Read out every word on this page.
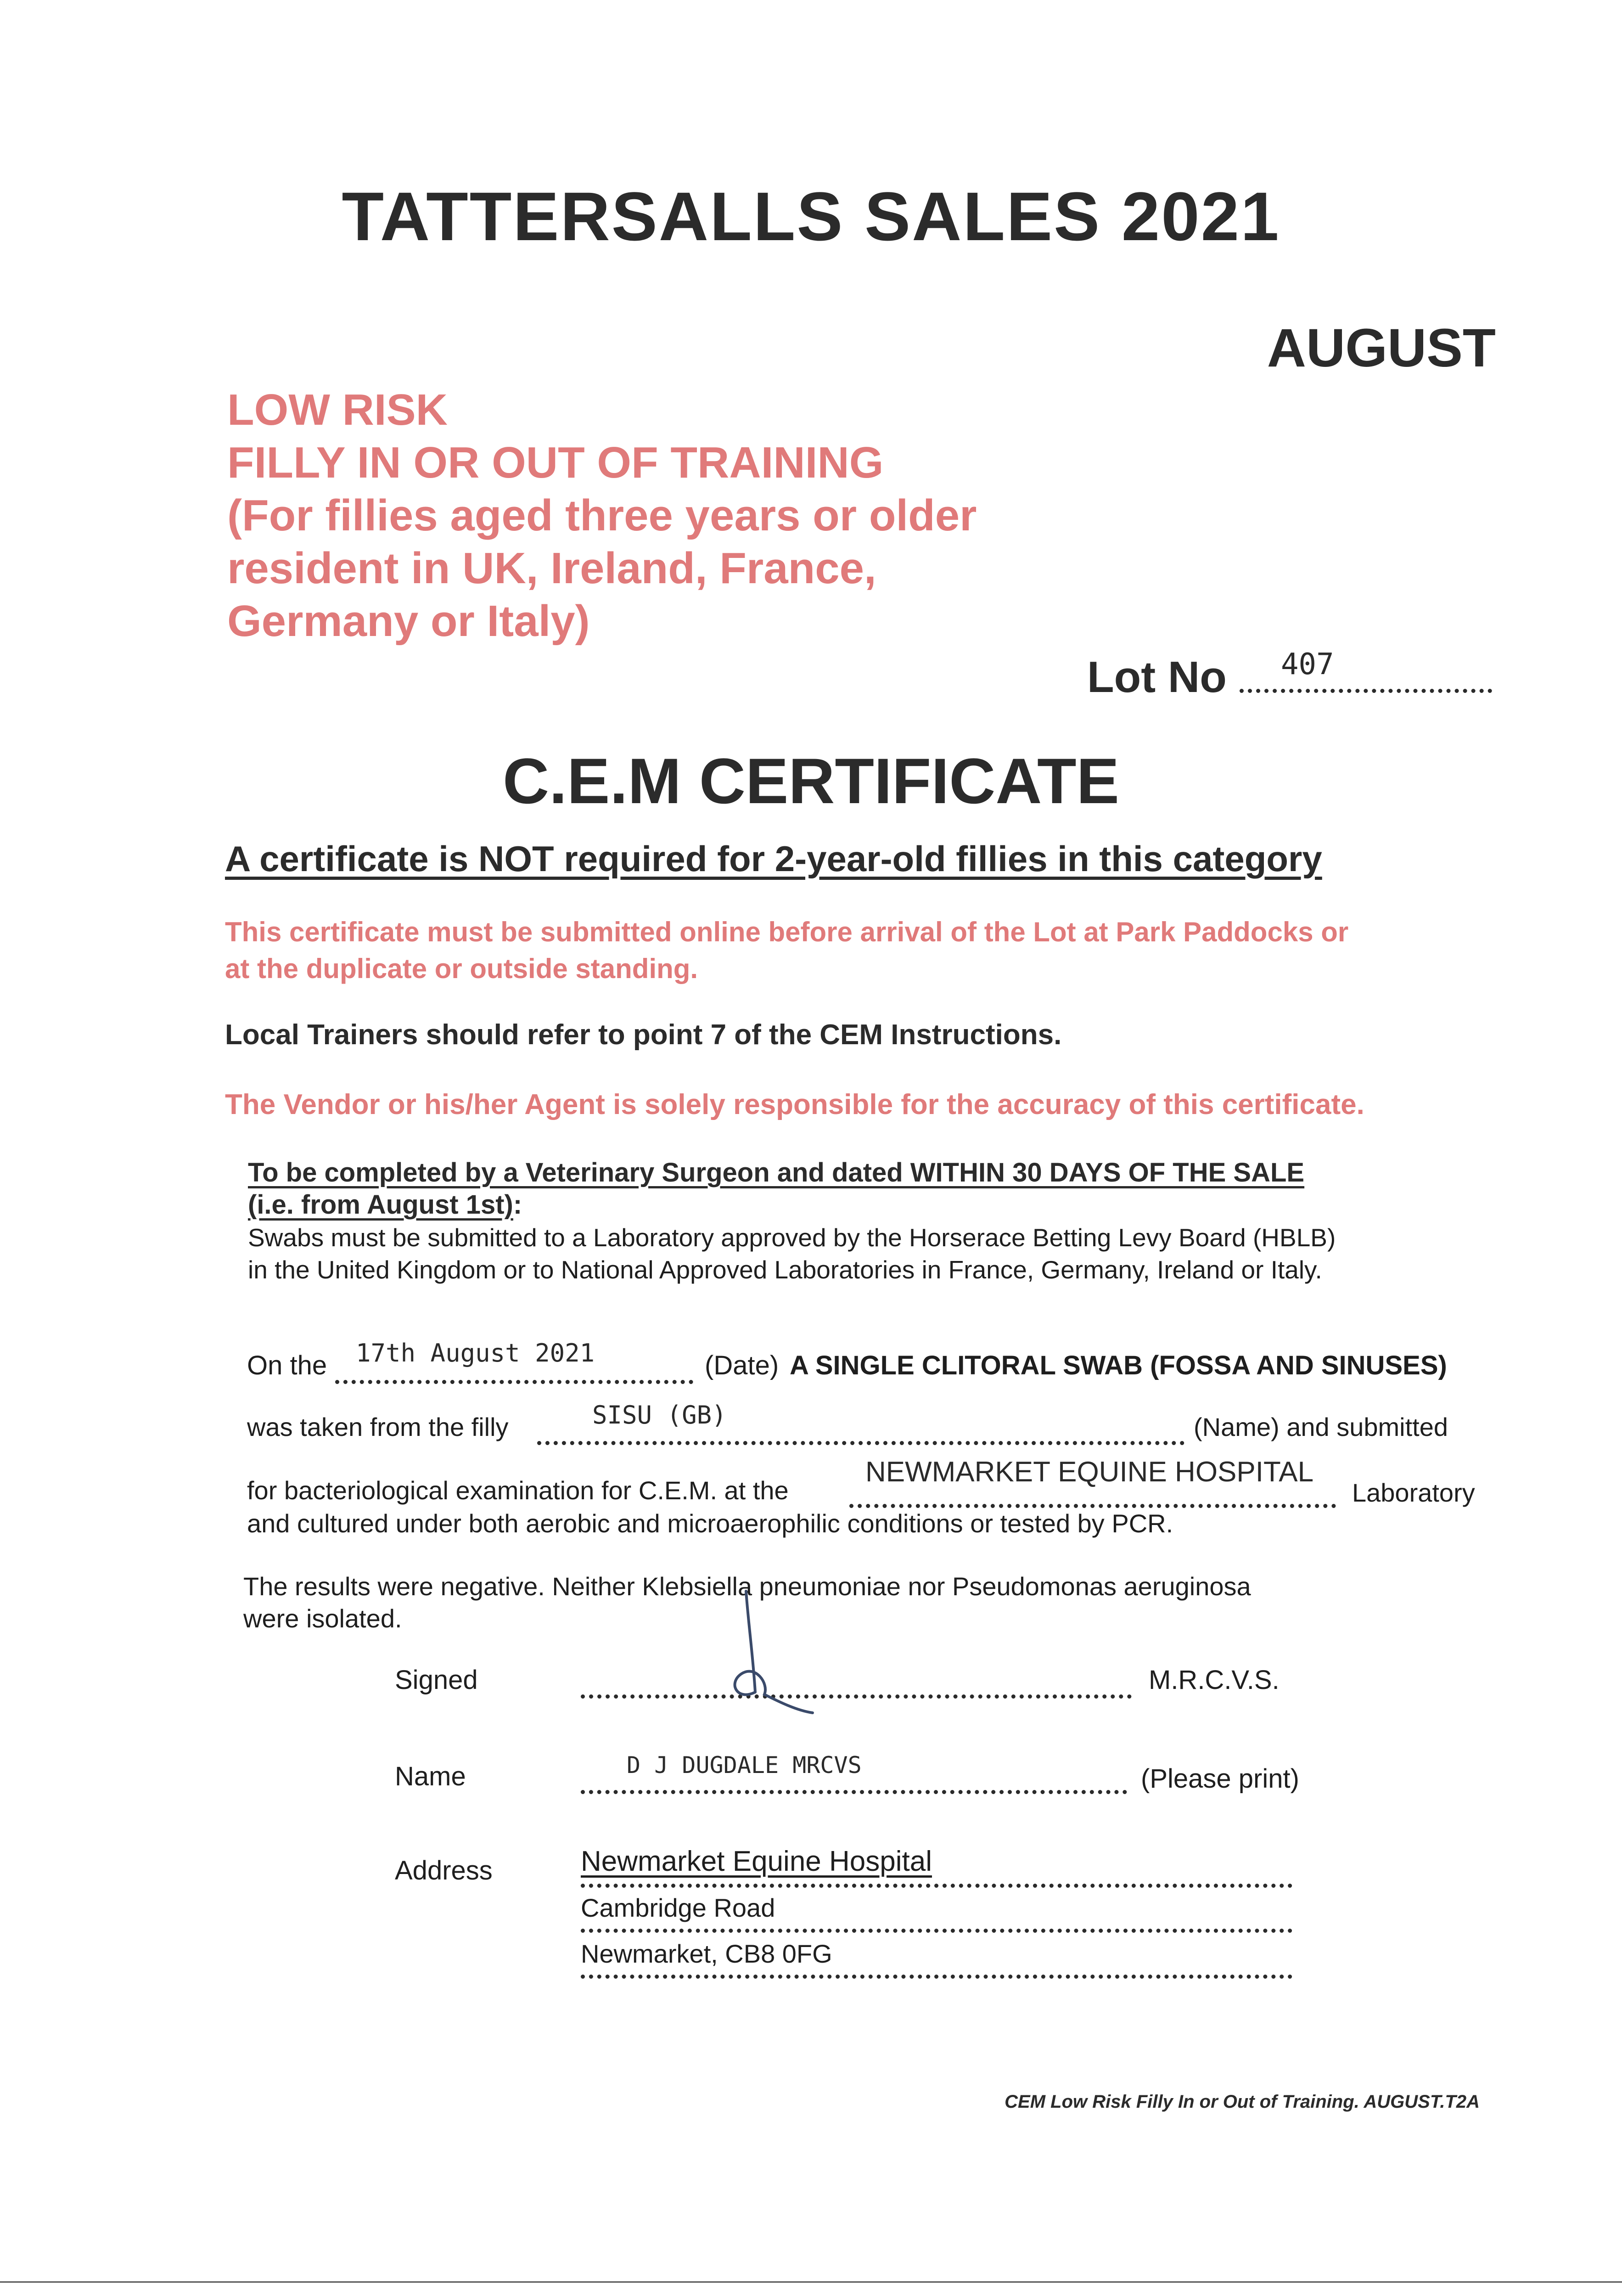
TATTERSALLS SALES 2021
AUGUST
LOW RISK
FILLY IN OR OUT OF TRAINING
(For fillies aged three years or older
resident in UK, Ireland, France,
Germany or Italy)
Lot No 407
C.E.M CERTIFICATE
A certificate is NOT required for 2-year-old fillies in this category
This certificate must be submitted online before arrival of the Lot at Park Paddocks or
at the duplicate or outside standing.
Local Trainers should refer to point 7 of the CEM Instructions.
The Vendor or his/her Agent is solely responsible for the accuracy of this certificate.
To be completed by a Veterinary Surgeon and dated WITHIN 30 DAYS OF THE SALE
(i.e. from August 1st):
Swabs must be submitted to a Laboratory approved by the Horserace Betting Levy Board (HBLB)
in the United Kingdom or to National Approved Laboratories in France, Germany, Ireland or Italy.
On the 17th August 2021	(Date) A SINGLE CLITORAL SWAB (FOSSA AND SINUSES)
was taken from the filly	SISU (GB)	(Name) and submitted
for bacteriological examination for C.E.M. at the
NEWMARKET EQUINE HOSPITAL
Laboratory
and cultured under both aerobic and microaerophilic conditions or tested by PCR.
The results were negative. Neither Klebsiella pneumoniae nor Pseudomonas aeruginosa
were isolated.
Signed	M.R.C.V.S.
Name	D J DUGDALE MRCVS	(Please print)
Address	Newmarket Equine Hospital
Cambridge Road
Newmarket, CB8 0FG
CEM Low Risk Filly In or Out of Training. AUGUST.T2A
